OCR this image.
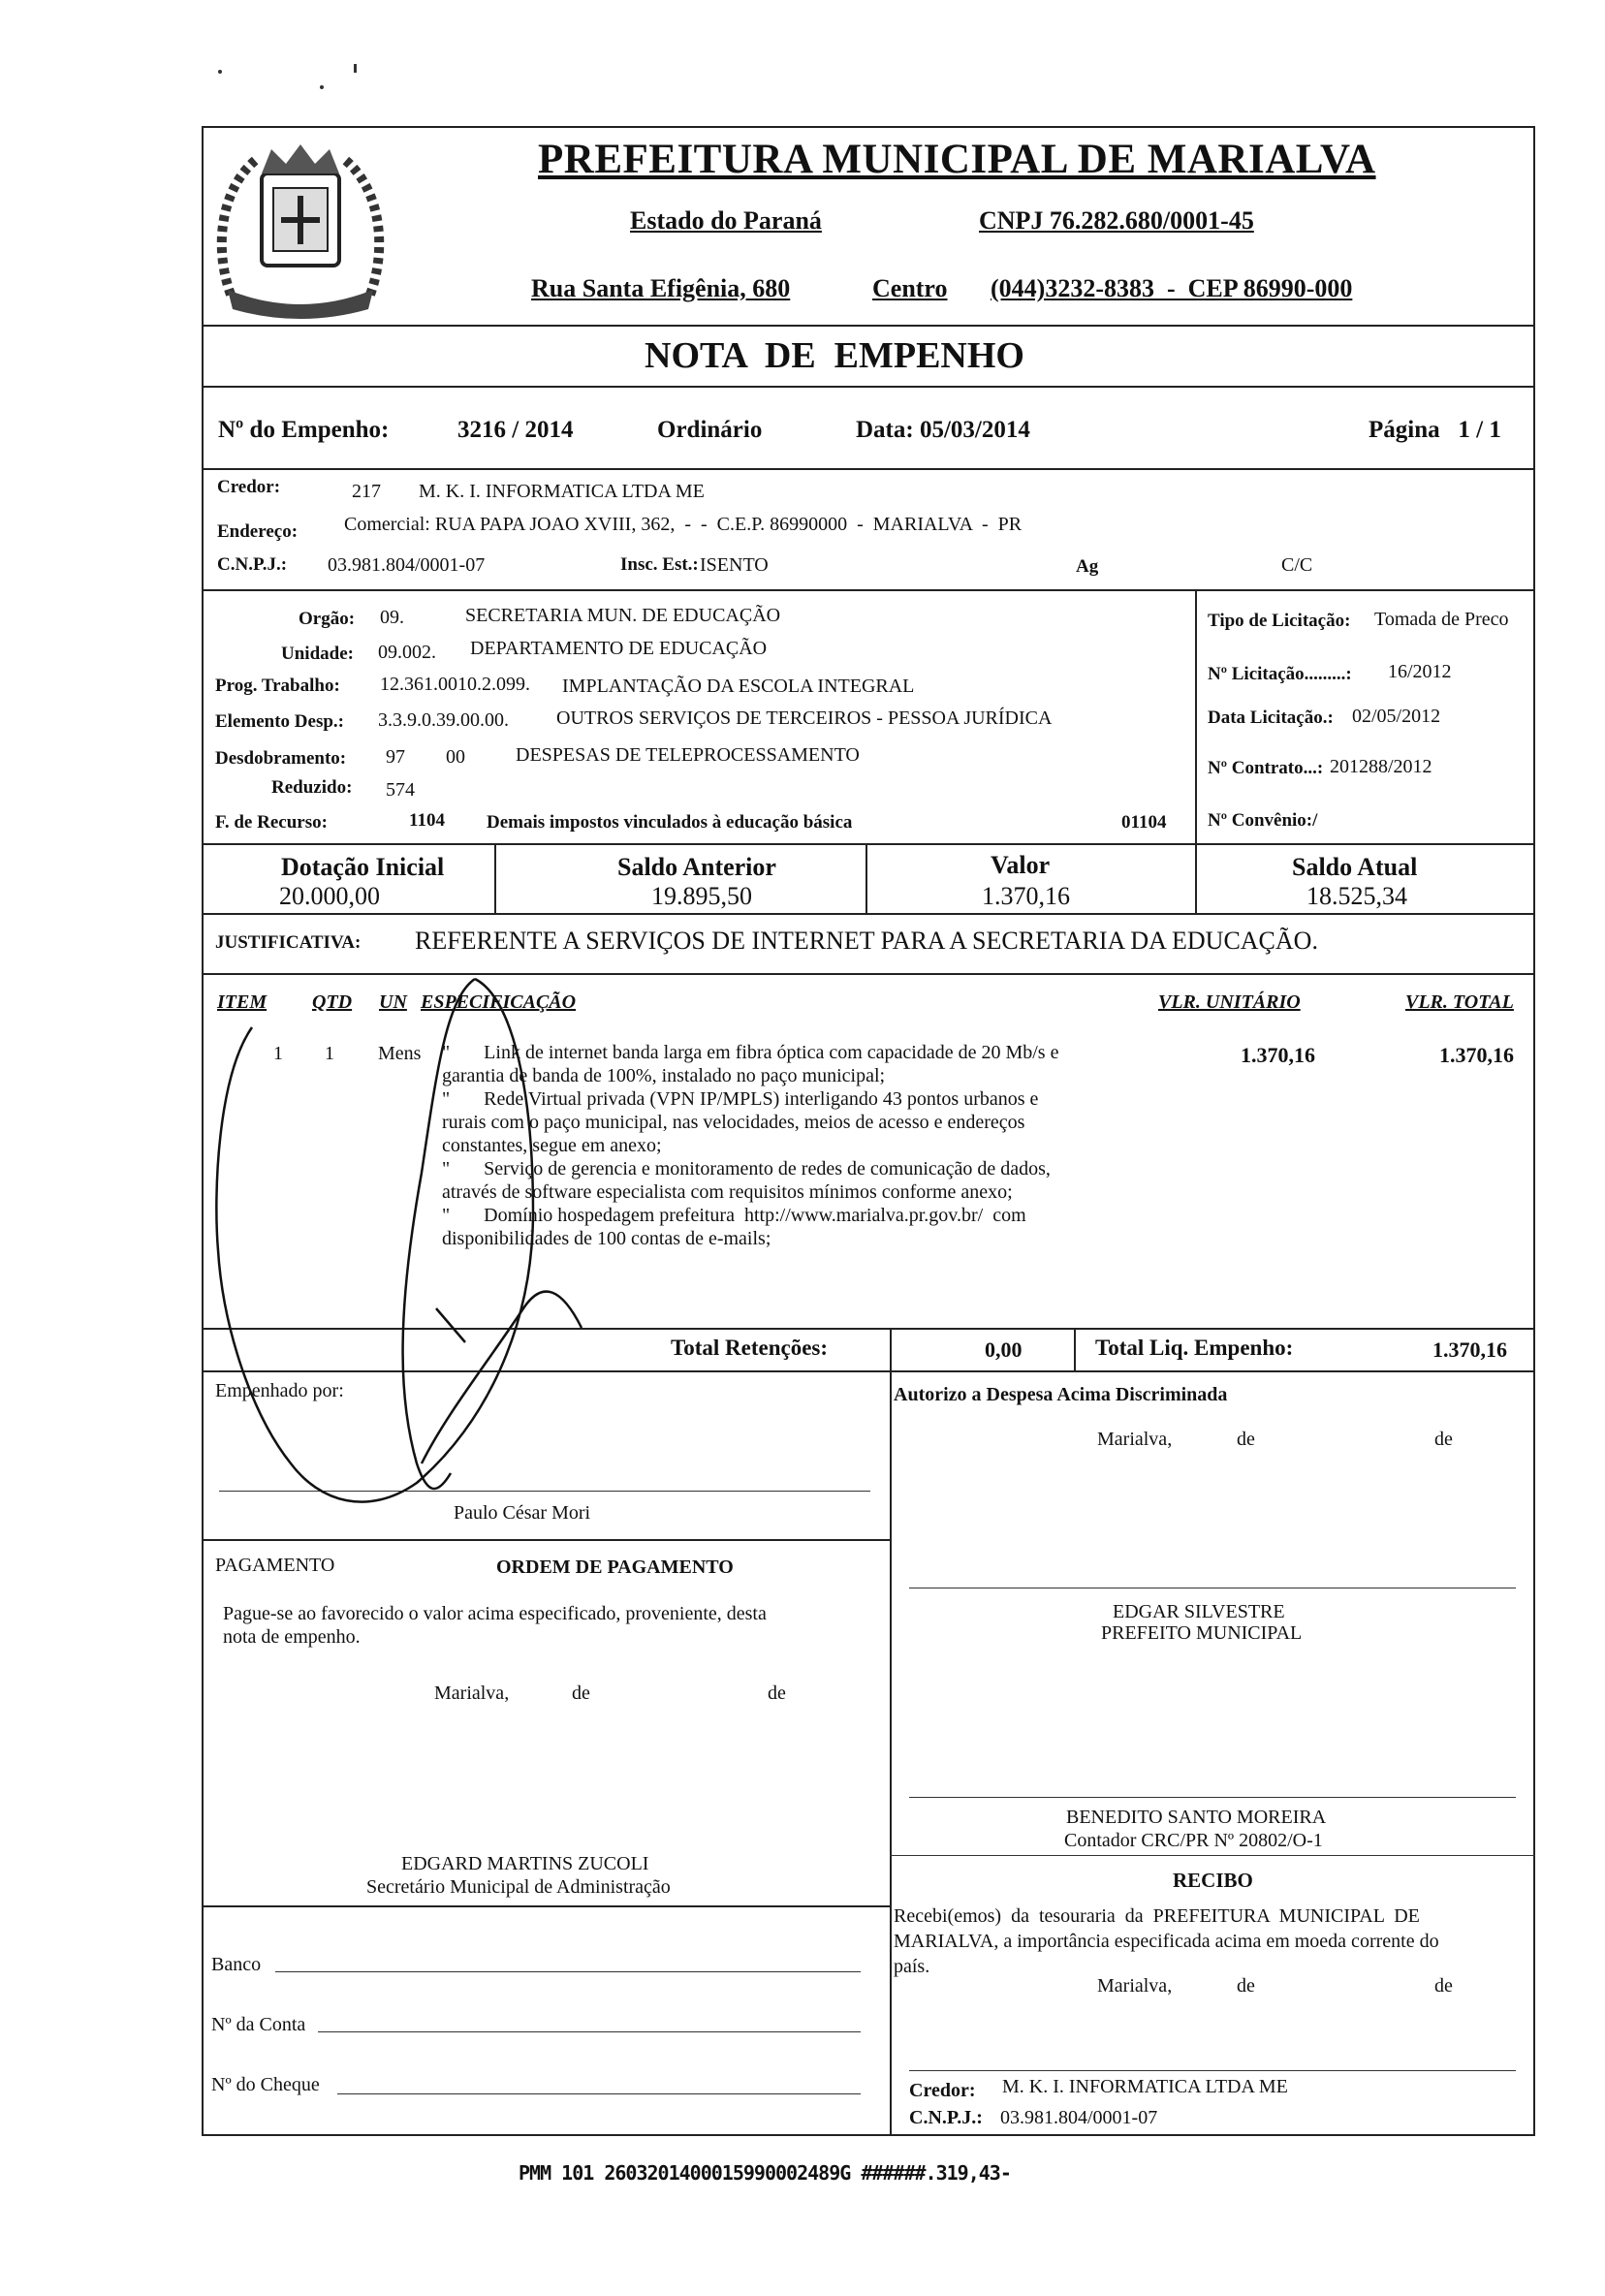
PREFEITURA MUNICIPAL DE MARIALVA
Estado do Paraná	CNPJ 76.282.680/0001-45
Rua Santa Efigênia, 680	Centro (044)3232-8383  -  CEP 86990-000
NOTA  DE  EMPENHO
Nº do Empenho:	3216 / 2014	Ordinário	Data: 05/03/2014	Página   1 / 1
Credor:	217 M. K. I. INFORMATICA LTDA ME
Endereço: Comercial: RUA PAPA JOAO XVIII, 362,  -  -  C.E.P. 86990000  -  MARIALVA  -  PR
C.N.P.J.: 03.981.804/0001-07	Insc. Est.: ISENTO	Ag	C/C
Orgão: 09.	SECRETARIA MUN. DE EDUCAÇÃO
Unidade: 09.002. DEPARTAMENTO DE EDUCAÇÃO
Prog. Trabalho: 12.361.0010.2.099. IMPLANTAÇÃO DA ESCOLA INTEGRAL
Elemento Desp.: 3.3.9.0.39.00.00. OUTROS SERVIÇOS DE TERCEIROS - PESSOA JURÍDICA
Desdobramento: 97 00	DESPESAS DE TELEPROCESSAMENTO
Reduzido: 574
F. de Recurso:	1104 Demais impostos vinculados à educação básica	01104
Tipo de Licitação: Tomada de Preco
Nº Licitação.........: 16/2012
Data Licitação.: 02/05/2012
Nº Contrato...: 201288/2012
Nº Convênio:/
Dotação Inicial
20.000,00
Saldo Anterior
19.895,50
Valor
1.370,16
Saldo Atual
18.525,34
JUSTIFICATIVA: REFERENTE A SERVIÇOS DE INTERNET PARA A SECRETARIA DA EDUCAÇÃO.
ITEM QTD UN ESPECIFICAÇÃO	VLR. UNITÁRIO	VLR. TOTAL
1 1 Mens	1.370,16	1.370,16
"       Link de internet banda larga em fibra óptica com capacidade de 20 Mb/s e
garantia de banda de 100%, instalado no paço municipal;
"       Rede Virtual privada (VPN IP/MPLS) interligando 43 pontos urbanos e
rurais com o paço municipal, nas velocidades, meios de acesso e endereços
constantes, segue em anexo;
"       Serviço de gerencia e monitoramento de redes de comunicação de dados,
através de software especialista com requisitos mínimos conforme anexo;
"       Domínio hospedagem prefeitura  http://www.marialva.pr.gov.br/  com
disponibilidades de 100 contas de e-mails;
Total Retenções:	0,00	Total Liq. Empenho:	1.370,16
Empenhado por:
Paulo César Mori
Autorizo a Despesa Acima Discriminada
Marialva,	de	de
PAGAMENTO	ORDEM DE PAGAMENTO
Pague-se ao favorecido o valor acima especificado, proveniente, desta
nota de empenho.
Marialva,	de	de
EDGAR SILVESTRE
PREFEITO MUNICIPAL
BENEDITO SANTO MOREIRA
Contador CRC/PR Nº 20802/O-1
RECIBO
Recebi(emos)  da  tesouraria  da  PREFEITURA  MUNICIPAL  DE
MARIALVA, a importância especificada acima em moeda corrente do
país.
Marialva,	de	de
EDGARD MARTINS ZUCOLI
Secretário Municipal de Administração
Banco
Nº da Conta
Nº do Cheque	Credor: M. K. I. INFORMATICA LTDA ME
C.N.P.J.: 03.981.804/0001-07
PMM 101 2603201400015990002489G ######.319,43-
